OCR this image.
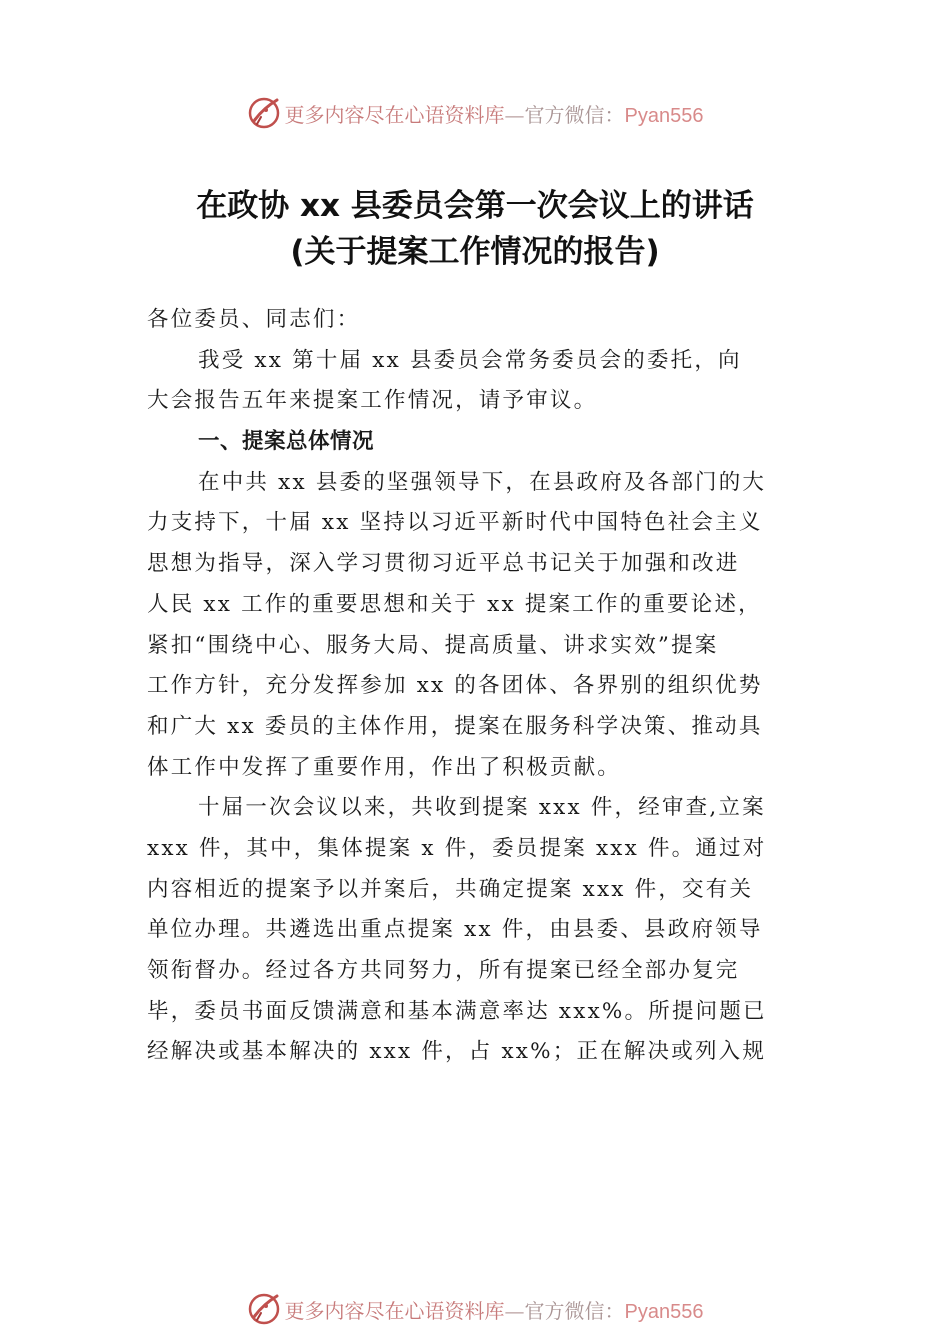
更多内容尽在心语资料库—官方微信：Pyan556
在政协 xx 县委员会第一次会议上的讲话
(关于提案工作情况的报告)
各位委员、同志们：
我受 xx 第十届 xx 县委员会常务委员会的委托，向
大会报告五年来提案工作情况，请予审议。
一、提案总体情况
在中共 xx 县委的坚强领导下，在县政府及各部门的大
力支持下，十届 xx 坚持以习近平新时代中国特色社会主义
思想为指导，深入学习贯彻习近平总书记关于加强和改进
人民 xx 工作的重要思想和关于 xx 提案工作的重要论述，
紧扣“围绕中心、服务大局、提高质量、讲求实效”提案
工作方针，充分发挥参加 xx 的各团体、各界别的组织优势
和广大 xx 委员的主体作用，提案在服务科学决策、推动具
体工作中发挥了重要作用，作出了积极贡献。
十届一次会议以来，共收到提案 xxx 件，经审查,立案
xxx 件，其中，集体提案 x 件，委员提案 xxx 件。通过对
内容相近的提案予以并案后，共确定提案 xxx 件，交有关
单位办理。共遴选出重点提案 xx 件，由县委、县政府领导
领衔督办。经过各方共同努力，所有提案已经全部办复完
毕，委员书面反馈满意和基本满意率达 xxx%。所提问题已
经解决或基本解决的 xxx 件，占 xx%；正在解决或列入规
更多内容尽在心语资料库—官方微信：Pyan556
